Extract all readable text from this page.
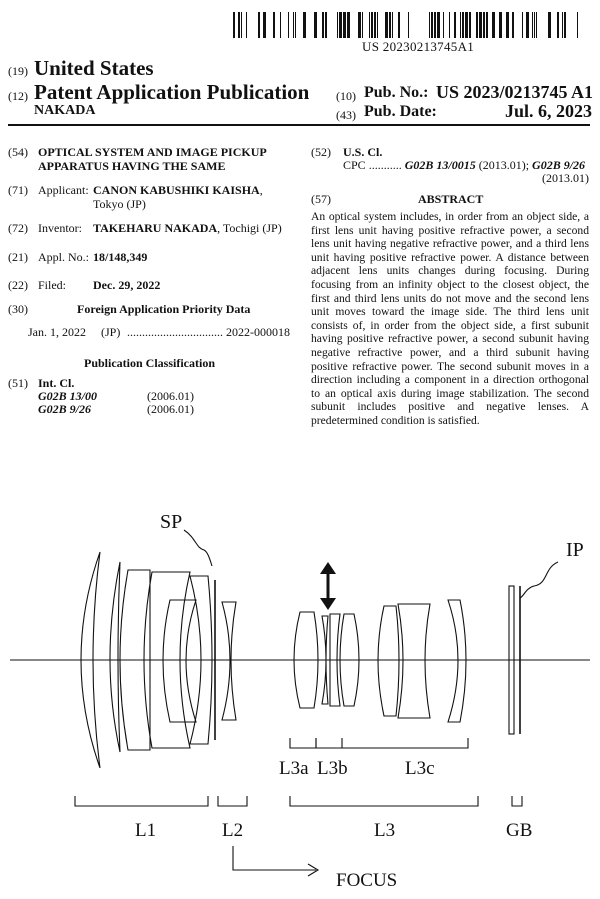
US 20230213745A1
(19) United States
(12) Patent Application Publication
NAKADA
(10) Pub. No.: US 2023/0213745 A1
(43) Pub. Date:	Jul. 6, 2023
(54) OPTICAL SYSTEM AND IMAGE PICKUP
APPARATUS HAVING THE SAME
(71) Applicant: CANON KABUSHIKI KAISHA,
Tokyo (JP)
(72) Inventor: TAKEHARU NAKADA, Tochigi (JP)
(21) Appl. No.: 18/148,349
(22) Filed: Dec. 29, 2022
(30)	Foreign Application Priority Data
Jan. 1, 2022 (JP) ................................ 2022-000018
Publication Classification
(51) Int. Cl.
G02B 13/00	(2006.01)
G02B 9/26	(2006.01)
(52) U.S. Cl.
CPC ........... G02B 13/0015 (2013.01); G02B 9/26
(2013.01)
(57)	ABSTRACT
An optical system includes, in order from an object side, a first lens unit having positive refractive power, a second lens unit having negative refractive power, and a third lens unit having positive refractive power. A distance between adjacent lens units changes during focusing. During focusing from an infinity object to the closest object, the first and third lens units do not move and the second lens unit moves toward the image side. The third lens unit consists of, in order from the object side, a first subunit having positive refractive power, a second subunit having negative refractive power, and a third subunit having positive refractive power. The second subunit moves in a direction including a component in a direction orthogonal to an optical axis during image stabilization. The second subunit includes positive and negative lenses. A predetermined condition is satisfied.
SP
IP
L3a L3b	L3c
L1	L2	L3	GB
FOCUS
